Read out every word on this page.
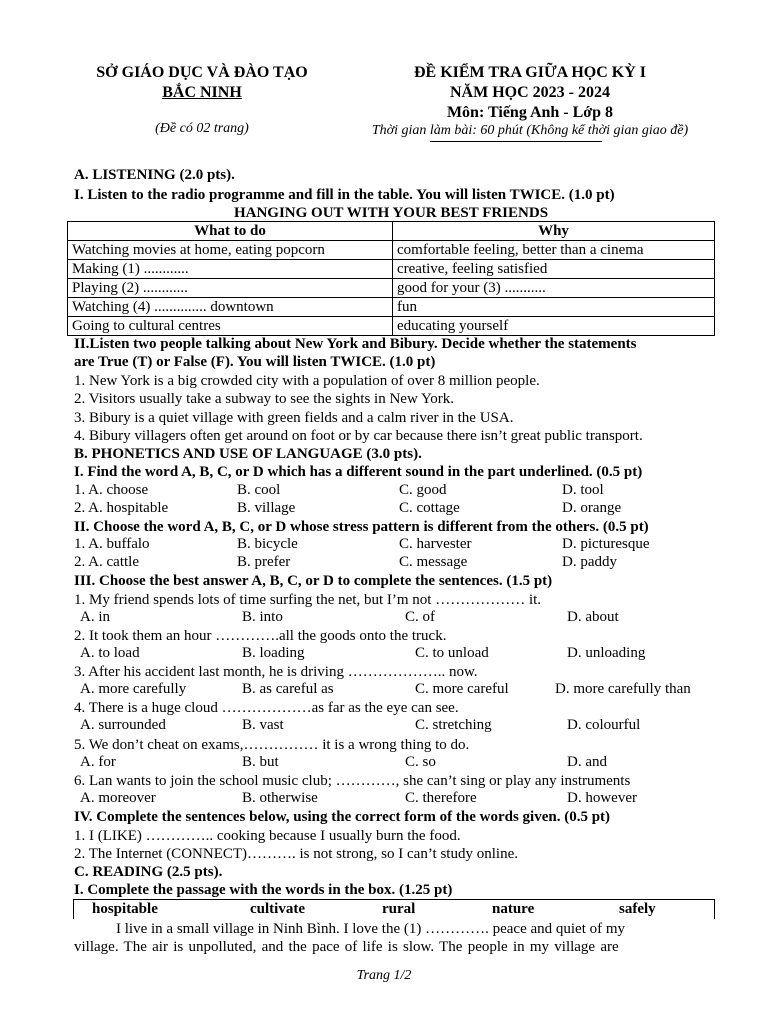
SỞ GIÁO DỤC VÀ ĐÀO TẠO
BẮC NINH
(Đề có 02 trang)
ĐỀ KIỂM TRA GIỮA HỌC KỲ I
NĂM HỌC 2023 - 2024
Môn: Tiếng Anh - Lớp 8
Thời gian làm bài: 60 phút (Không kể thời gian giao đề)
A. LISTENING (2.0 pts).
I. Listen to the radio programme and fill in the table. You will listen TWICE. (1.0 pt)
HANGING OUT WITH YOUR BEST FRIENDS
What to do	Why
Watching movies at home, eating popcorn	comfortable feeling, better than a cinema
Making (1) ............	creative, feeling satisfied
Playing (2) ............	good for your (3) ...........
Watching (4) .............. downtown	fun
Going to cultural centres	educating yourself
II.Listen two people talking about New York and Bibury. Decide whether the statements
are True (T) or False (F). You will listen TWICE. (1.0 pt)
1. New York is a big crowded city with a population of over 8 million people.
2. Visitors usually take a subway to see the sights in New York.
3. Bibury is a quiet village with green fields and a calm river in the USA.
4. Bibury villagers often get around on foot or by car because there isn’t great public transport.
B. PHONETICS AND USE OF LANGUAGE (3.0 pts).
I. Find the word A, B, C, or D which has a different sound in the part underlined. (0.5 pt)
1. A. choose	B. cool	C. good	D. tool
2. A. hospitable	B. village	C. cottage	D. orange
II. Choose the word A, B, C, or D whose stress pattern is different from the others. (0.5 pt)
1. A. buffalo	B. bicycle	C. harvester	D. picturesque
2. A. cattle	B. prefer	C. message	D. paddy
III. Choose the best answer A, B, C, or D to complete the sentences. (1.5 pt)
1. My friend spends lots of time surfing the net, but I’m not ……………… it.
A. in	B. into	C. of	D. about
2. It took them an hour ………….all the goods onto the truck.
A. to load	B. loading	C. to unload	D. unloading
3. After his accident last month, he is driving ……………….. now.
A. more carefully	B. as careful as	C. more careful	D. more carefully than
4. There is a huge cloud ………………as far as the eye can see.
A. surrounded	B. vast	C. stretching	D. colourful
5. We don’t cheat on exams,…………… it is a wrong thing to do.
A. for	B. but	C. so	D. and
6. Lan wants to join the school music club; …………, she can’t sing or play any instruments
A. moreover	B. otherwise	C. therefore	D. however
IV. Complete the sentences below, using the correct form of the words given. (0.5 pt)
1. I (LIKE) ………….. cooking because I usually burn the food.
2. The Internet (CONNECT)………. is not strong, so I can’t study online.
C. READING (2.5 pts).
I. Complete the passage with the words in the box. (1.25 pt)
hospitable	cultivate	rural	nature	safely
I live in a small village in Ninh Bình. I love the (1) …………. peace and quiet of my
village. The air is unpolluted, and the pace of life is slow. The people in my village are
Trang 1/2
